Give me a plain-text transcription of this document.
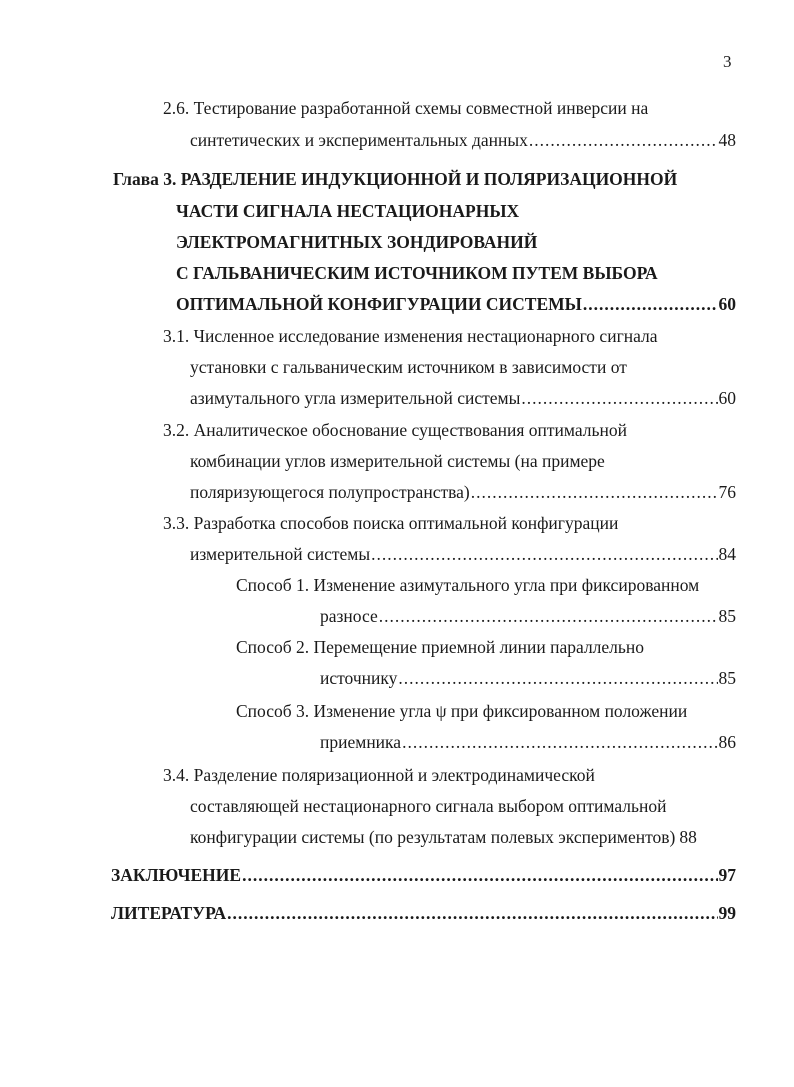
3
2.6. Тестирование разработанной схемы совместной инверсии на
синтетических и экспериментальных данных .....	48
Глава 3. РАЗДЕЛЕНИЕ ИНДУКЦИОННОЙ И ПОЛЯРИЗАЦИОННОЙ
ЧАСТИ СИГНАЛА НЕСТАЦИОНАРНЫХ
ЭЛЕКТРОМАГНИТНЫХ ЗОНДИРОВАНИЙ
С ГАЛЬВАНИЧЕСКИМ ИСТОЧНИКОМ ПУТЕМ ВЫБОРА
ОПТИМАЛЬНОЙ КОНФИГУРАЦИИ СИСТЕМЫ .....	60
3.1. Численное исследование изменения нестационарного сигнала
установки с гальваническим источником в зависимости от
азимутального угла измерительной системы .....	60
3.2. Аналитическое обоснование существования оптимальной
комбинации углов измерительной системы (на примере
поляризующегося полупространства) .....	76
3.3. Разработка способов поиска оптимальной конфигурации
измерительной системы .....	84
Способ 1. Изменение азимутального угла при фиксированном
разносе .....	85
Способ 2. Перемещение приемной линии параллельно
источнику .....	85
Способ 3. Изменение угла ψ при фиксированном положении
приемника .....	86
3.4. Разделение поляризационной и электродинамической
составляющей нестационарного сигнала выбором оптимальной
конфигурации системы (по результатам полевых экспериментов) 88
ЗАКЛЮЧЕНИЕ .....	97
ЛИТЕРАТУРА .....	99
